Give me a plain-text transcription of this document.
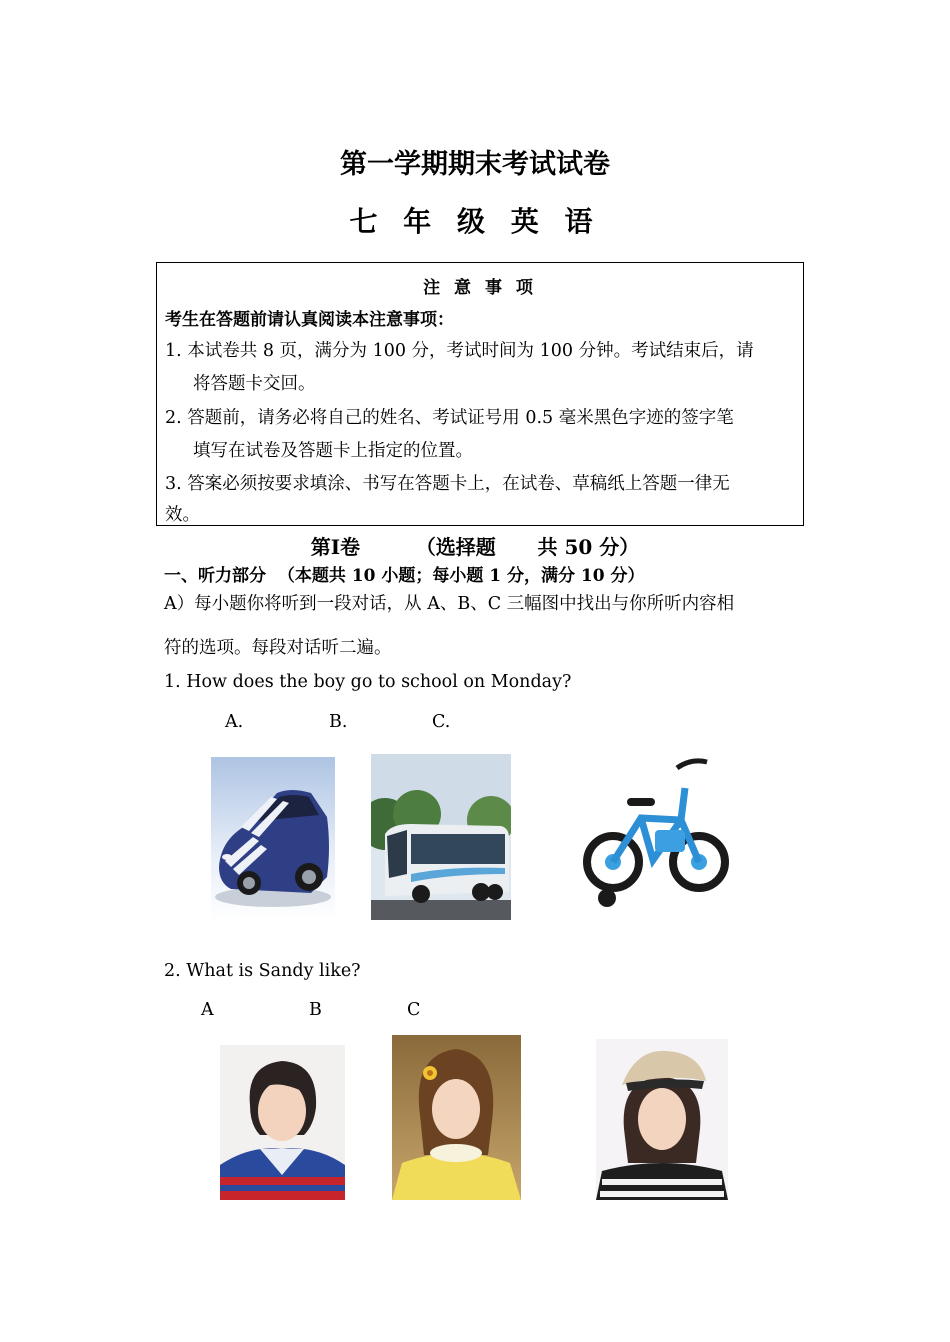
第一学期期末考试试卷
七 年 级 英 语
注 意 事 项
考生在答题前请认真阅读本注意事项：
1. 本试卷共 8 页，满分为 100 分，考试时间为 100 分钟。考试结束后，请
将答题卡交回。
2. 答题前，请务必将自己的姓名、考试证号用 0.5 毫米黑色字迹的签字笔
填写在试卷及答题卡上指定的位置。
3. 答案必须按要求填涂、书写在答题卡上，在试卷、草稿纸上答题一律无
效。
第Ⅰ卷        （选择题      共 50 分）
一、听力部分  （本题共 10 小题；每小题 1 分，满分 10 分）
A）每小题你将听到一段对话，从 A、B、C 三幅图中找出与你所听内容相
符的选项。每段对话听二遍。
1. How does the boy go to school on Monday?
A.	B.	C.
2. What is Sandy like?
A	B	C
